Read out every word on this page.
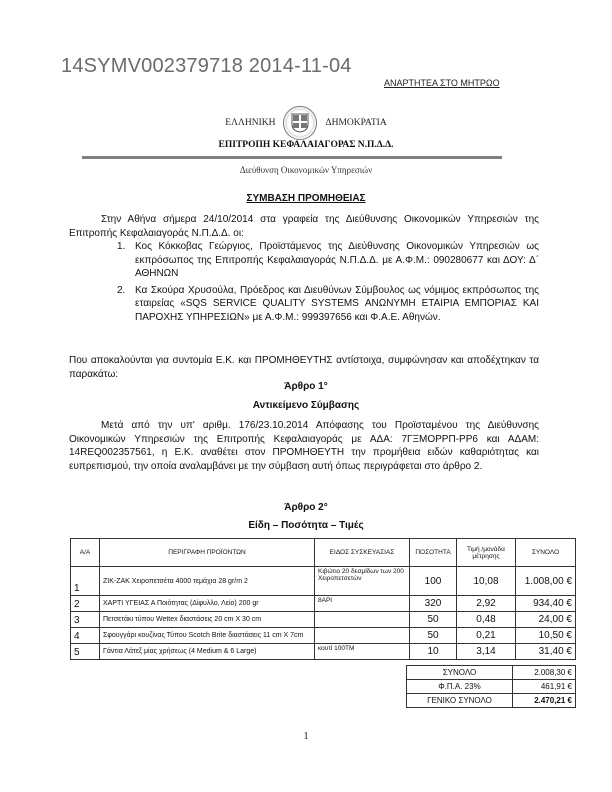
14SYMV002379718 2014-11-04
ΑΝΑΡΤΗΤΕΑ ΣΤΟ ΜΗΤΡΩΟ
ΕΛΛΗΝΙΚΗ	ΔΗΜΟΚΡΑΤΙΑ
ΕΠΙΤΡΟΠΗ ΚΕΦΑΛΑΙΑΓΟΡΑΣ Ν.Π.Δ.Δ.
Διεύθυνση Οικονομικών Υπηρεσιών
ΣΥΜΒΑΣΗ ΠΡΟΜΗΘΕΙΑΣ
Στην Αθήνα σήμερα 24/10/2014 στα γραφεία της Διεύθυνσης Οικονομικών Υπηρεσιών της Επιτροπής Κεφαλαιαγοράς Ν.Π.Δ.Δ. οι:
1. Κος Κόκκοβας Γεώργιος, Προϊστάμενος της Διεύθυνσης Οικονομικών Υπηρεσιών ως εκπρόσωπος της Επιτροπής Κεφαλαιαγοράς Ν.Π.Δ.Δ. με Α.Φ.Μ.: 090280677 και ΔΟΥ: Δ΄ ΑΘΗΝΩΝ
2. Κα Σκούρα Χρυσούλα, Πρόεδρος και Διευθύνων Σύμβουλος ως νόμιμος εκπρόσωπος της εταιρείας «SQS SERVICE QUALITY SYSTEMS ΑΝΩΝΥΜΗ ΕΤΑΙΡΙΑ ΕΜΠΟΡΙΑΣ ΚΑΙ ΠΑΡΟΧΗΣ ΥΠΗΡΕΣΙΩΝ» με Α.Φ.Μ.: 999397656 και Φ.Α.Ε. Αθηνών.
Που αποκαλούνται για συντομία Ε.Κ. και ΠΡΟΜΗΘΕΥΤΗΣ αντίστοιχα, συμφώνησαν και αποδέχτηκαν τα παρακάτω:
Άρθρο 1°
Αντικείμενο Σύμβασης
Μετά από την υπ' αριθμ. 176/23.10.2014 Απόφασης του Προϊσταμένου της Διεύθυνσης Οικονομικών Υπηρεσιών της Επιτροπής Κεφαλαιαγοράς με ΑΔΑ: 7ΓΞΜΟΡΡΠ-ΡΡ6 και ΑΔΑΜ: 14REQ002357561, η Ε.Κ. αναθέτει στον ΠΡΟΜΗΘΕΥΤΗ την προμήθεια ειδών καθαριότητας και ευπρεπισμού, την οποία αναλαμβάνει με την σύμβαση αυτή όπως περιγράφεται στο άρθρο 2.
Άρθρο 2°
Είδη – Ποσότητα – Τιμές
Α/Α	ΠΕΡΙΓΡΑΦΗ ΠΡΟΪΟΝΤΩΝ	ΕΙΔΟΣ ΣΥΣΚΕΥΑΣΙΑΣ	ΠΟΣΟΤΗΤΑ	Τιμή /μονάδα μέτρησης	ΣΥΝΟΛΟ
1	ZIK-ZAK Χειροπετσέτα 4000 τεμάχια 28 gr/m 2	Κιβώτιο 20 δεσμίδων των 200 Χειροπετσετών	100	10,08	1.008,00 €
2	ΧΑΡΤΙ ΥΓΕΙΑΣ Α Ποιότητας (Δίφυλλο, Λείο) 200 gr	8ΑΡΙ	320	2,92	934,40 €
3	Πετσετάκι τύπου Wettex διαστάσεις 20 cm X 30 cm		50	0,48	24,00 €
4	Σφουγγάρι κουζίνας Τύπου Scotch Brite διαστάσεις 11 cm X 7cm		50	0,21	10,50 €
5	Γάντια Λάτεξ μίας χρήσεως (4 Medium & 6 Large)	κουτί 100ΤΜ	10	3,14	31,40 €
ΣΥΝΟΛΟ	2.008,30 €
Φ.Π.Α. 23%	461,91 €
ΓΕΝΙΚΟ ΣΥΝΟΛΟ	2.470,21 €
1
